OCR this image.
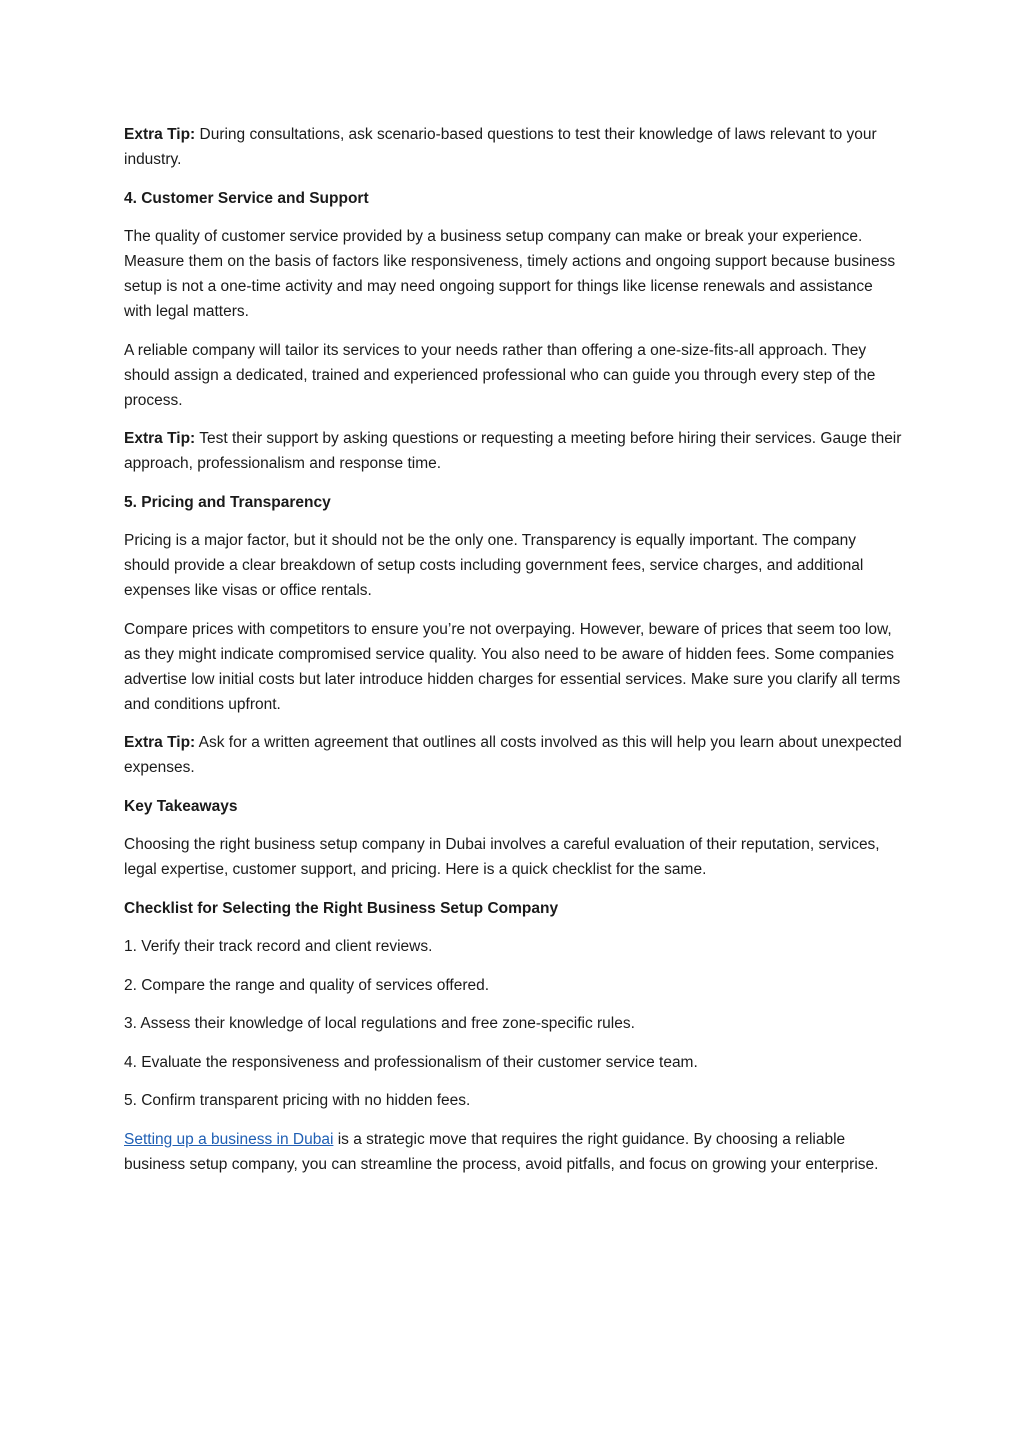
Extra Tip: During consultations, ask scenario-based questions to test their knowledge of laws relevant to your industry.

4. Customer Service and Support

The quality of customer service provided by a business setup company can make or break your experience. Measure them on the basis of factors like responsiveness, timely actions and ongoing support because business setup is not a one-time activity and may need ongoing support for things like license renewals and assistance with legal matters.

A reliable company will tailor its services to your needs rather than offering a one-size-fits-all approach. They should assign a dedicated, trained and experienced professional who can guide you through every step of the process.

Extra Tip: Test their support by asking questions or requesting a meeting before hiring their services. Gauge their approach, professionalism and response time.

5. Pricing and Transparency

Pricing is a major factor, but it should not be the only one. Transparency is equally important. The company should provide a clear breakdown of setup costs including government fees, service charges, and additional expenses like visas or office rentals.

Compare prices with competitors to ensure you’re not overpaying. However, beware of prices that seem too low, as they might indicate compromised service quality. You also need to be aware of hidden fees. Some companies advertise low initial costs but later introduce hidden charges for essential services. Make sure you clarify all terms and conditions upfront.

Extra Tip: Ask for a written agreement that outlines all costs involved as this will help you learn about unexpected expenses.

Key Takeaways

Choosing the right business setup company in Dubai involves a careful evaluation of their reputation, services, legal expertise, customer support, and pricing. Here is a quick checklist for the same.

Checklist for Selecting the Right Business Setup Company

1. Verify their track record and client reviews.

2. Compare the range and quality of services offered.

3. Assess their knowledge of local regulations and free zone-specific rules.

4. Evaluate the responsiveness and professionalism of their customer service team.

5. Confirm transparent pricing with no hidden fees.

Setting up a business in Dubai is a strategic move that requires the right guidance. By choosing a reliable business setup company, you can streamline the process, avoid pitfalls, and focus on growing your enterprise.
